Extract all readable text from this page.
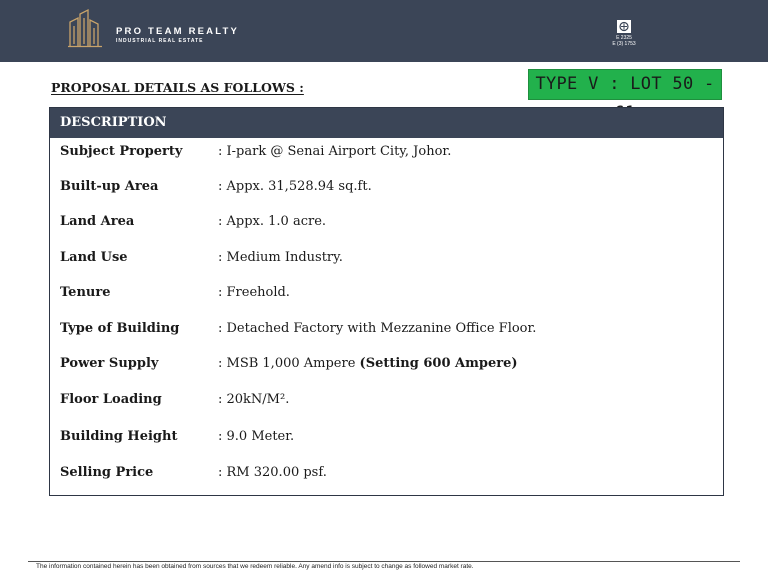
PRO TEAM REALTY
INDUSTRIAL REAL ESTATE	E 2325
E (3) 1753
PROPOSAL DETAILS AS FOLLOWS :	TYPE V : LOT 50 -
DESCRIPTION
Subject Property	: I-park @ Senai Airport City, Johor.
Built-up Area	: Appx. 31,528.94 sq.ft.
Land Area	: Appx. 1.0 acre.
Land Use	: Medium Industry.
Tenure	: Freehold.
Type of Building	: Detached Factory with Mezzanine Office Floor.
Power Supply	: MSB 1,000 Ampere (Setting 600 Ampere)
Floor Loading	: 20kN/M².
Building Height	: 9.0 Meter.
Selling Price	: RM 320.00 psf.
The information contained herein has been obtained from sources that we redeem reliable. Any amend info is subject to change as followed market rate.
